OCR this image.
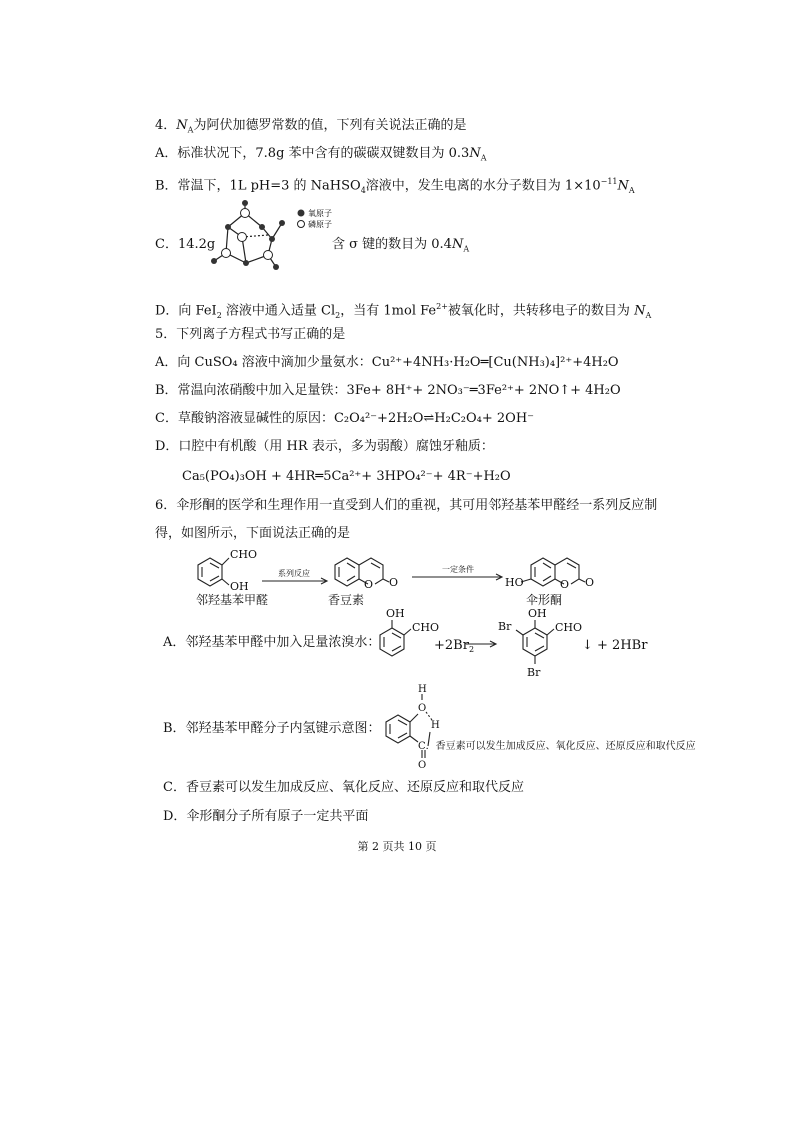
4．$N_A$为阿伏加德罗常数的值，下列有关说法正确的是
A．标准状况下，7.8g 苯中含有的碳碳双键数目为 $0.3N_A$
B．常温下，1L pH=3 的 NaHSO$_4$溶液中，发生电离的水分子数目为 $1\times 10^{-11}N_A$
C．14.2g
氧原子
磷原子
含 σ 键的数目为 $0.4N_A$
D．向 FeI$_2$ 溶液中通入适量 $Cl_2$，当有 1mol $Fe^{2+}$被氧化时，共转移电子的数目为 $N_A$
5．下列离子方程式书写正确的是
A．向 CuSO₄ 溶液中滴加少量氨水：Cu²⁺+4NH₃·H₂O═[Cu(NH₃)₄]²⁺+4H₂O
B．常温向浓硝酸中加入足量铁：3Fe+ 8H⁺+ 2NO₃⁻═3Fe²⁺+ 2NO↑+ 4H₂O
C．草酸钠溶液显碱性的原因：C₂O₄²⁻+2H₂O⇌H₂C₂O₄+ 2OH⁻
D．口腔中有机酸（用 HR 表示，多为弱酸）腐蚀牙釉质：
Ca₅(PO₄)₃OH + 4HR═5Ca²⁺+ 3HPO₄²⁻+ 4R⁻+H₂O
6．伞形酮的医学和生理作用一直受到人们的重视，其可用邻羟基苯甲醛经一系列反应制
得，如图所示，下面说法正确的是
CHO
OH	O O	HO	O O
系列反应	一定条件
邻羟基苯甲醛	香豆素	伞形酮
A．邻羟基苯甲醛中加入足量浓溴水：
OH
CHO
OH
CHO
Br
Br
$+2Br_2$	↓ + 2HBr
B．邻羟基苯甲醛分子内氢键示意图：
H
O
H
C．香豆素可以发生加成反应、氧化反应、还原反应和取代反应
O
C．香豆素可以发生加成反应、氧化反应、还原反应和取代反应
D．伞形酮分子所有原子一定共平面
第 2 页共 10 页
